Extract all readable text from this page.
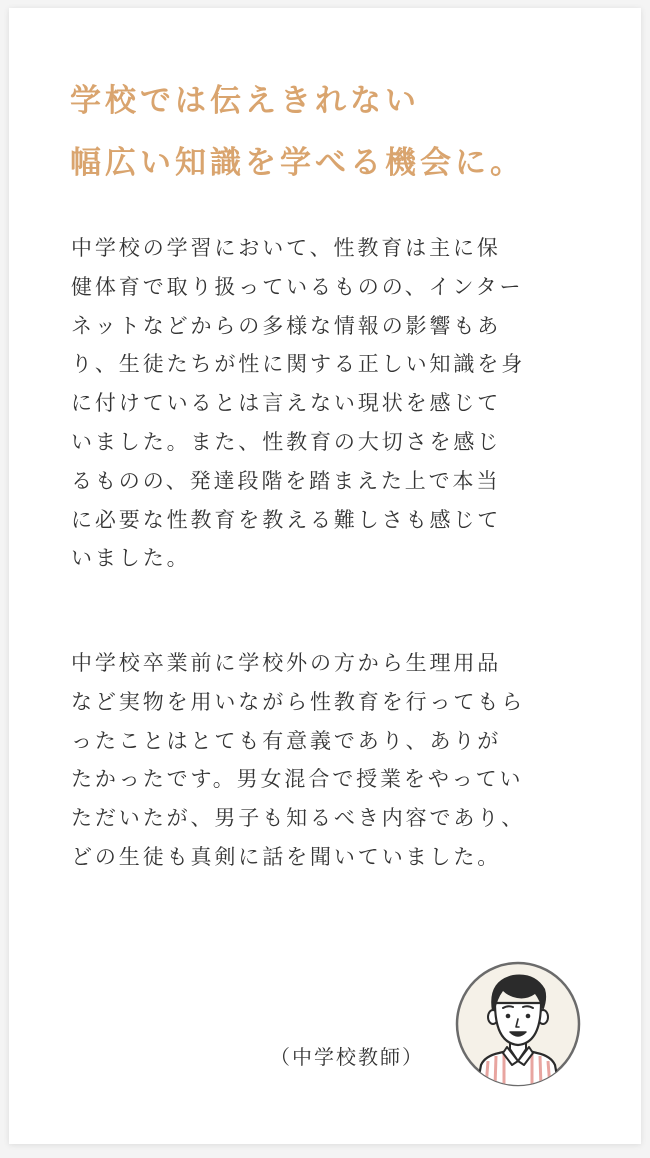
学校では伝えきれない
幅広い知識を学べる機会に。

中学校の学習において、性教育は主に保
健体育で取り扱っているものの、インター
ネットなどからの多様な情報の影響もあ
り、生徒たちが性に関する正しい知識を身
に付けているとは言えない現状を感じて
いました。また、性教育の大切さを感じ
るものの、発達段階を踏まえた上で本当
に必要な性教育を教える難しさも感じて
いました。

中学校卒業前に学校外の方から生理用品
など実物を用いながら性教育を行ってもら
ったことはとても有意義であり、ありが
たかったです。男女混合で授業をやってい
ただいたが、男子も知るべき内容であり、
どの生徒も真剣に話を聞いていました。

（中学校教師）
